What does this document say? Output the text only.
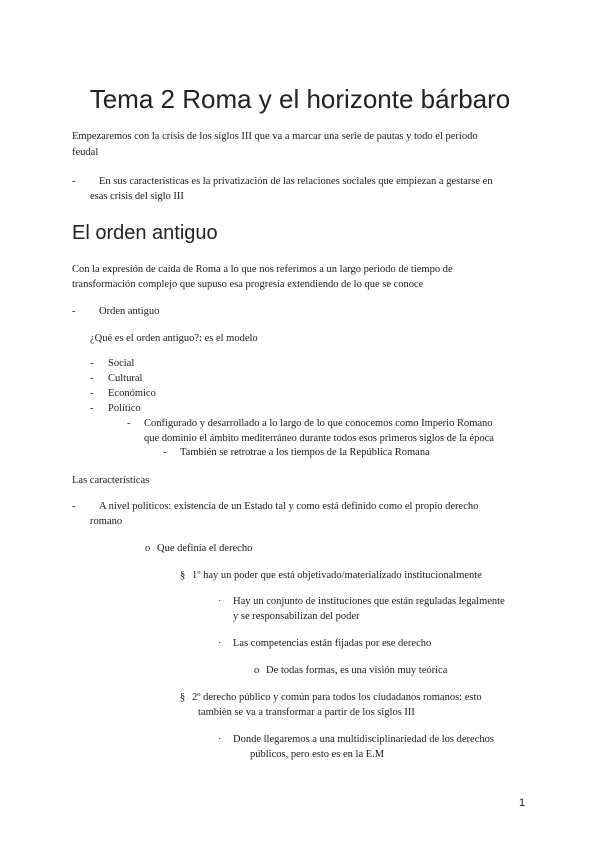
Tema 2 Roma y el horizonte bárbaro
Empezaremos con la crisis de los siglos III que va a marcar una serie de pautas y todo el periodo
feudal
- En sus características es la privatización de las relaciones sociales que empiezan a gestarse en
esas crisis del siglo III
El orden antiguo
Con la expresión de caída de Roma a lo que nos referimos a un largo periodo de tiempo de
transformación complejo que supuso esa progresía extendiendo de lo que se conoce
- Orden antiguo
¿Qué es el orden antiguo?: es el modelo
- Social
- Cultural
- Económico
- Político
- Configurado y desarrollado a lo largo de lo que conocemos como Imperio Romano
que dominio el ámbito mediterráneo durante todos esos primeros siglos de la época
- También se retrotrae a los tiempos de la República Romana
Las características
- A nivel políticos: existencia de un Estado tal y como está definido como el propio derecho
romano
o Que definía el derecho
§ 1º hay un poder que está objetivado/materializado institucionalmente
· Hay un conjunto de instituciones que están reguladas legalmente
y se responsabilizan del poder
· Las competencias están fijadas por ese derecho
o De todas formas, es una visión muy teórica
§ 2º derecho público y común para todos los ciudadanos romanos: esto
también se va a transformar a partir de los siglos III
· Donde llegaremos a una multidisciplinariedad de los derechos
públicos, pero esto es en la E.M
1
